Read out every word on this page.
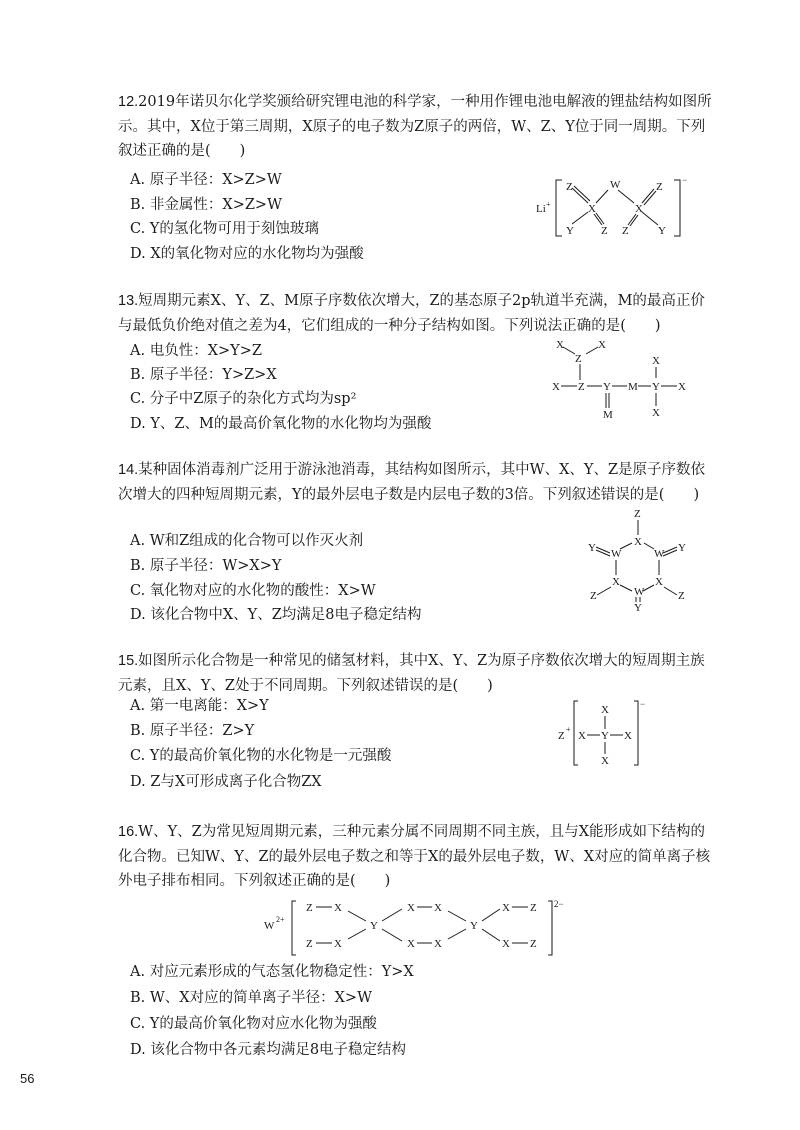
12.2019年诺贝尔化学奖颁给研究锂电池的科学家，一种用作锂电池电解液的锂盐结构如图所示。其中，X位于第三周期，X原子的电子数为Z原子的两倍，W、Z、Y位于同一周期。下列叙述正确的是(　　)

A. 原子半径：X>Z>W
B. 非金属性：X>Z>W
C. Y的氢化物可用于刻蚀玻璃
D. X的氧化物对应的水化物均为强酸
Li +
−
Z	W	Z
X	X
Y Z Z	Y

13.短周期元素X、Y、Z、M原子序数依次增大，Z的基态原子2p轨道半充满，M的最高正价与最低负价绝对值之差为4，它们组成的一种分子结构如图。下列说法正确的是(　　)

A. 电负性：X>Y>Z
B. 原子半径：Y>Z>X
C. 分子中Z原子的杂化方式均为sp²
D. Y、Z、M的最高价氧化物的水化物均为强酸
X
Z
X
X
X Z Y M Y X
M	X

14.某种固体消毒剂广泛用于游泳池消毒，其结构如图所示，其中W、X、Y、Z是原子序数依次增大的四种短周期元素，Y的最外层电子数是内层电子数的3倍。下列叙述错误的是(　　)

A. W和Z组成的化合物可以作灭火剂
B. 原子半径：W>X>Y
C. 氧化物对应的水化物的酸性：X>W
D. 该化合物中X、Y、Z均满足8电子稳定结构
Z
X
Y W	W Y
X	X
Z	W	Z
Y

15.如图所示化合物是一种常见的储氢材料，其中X、Y、Z为原子序数依次增大的短周期主族元素，且X、Y、Z处于不同周期。下列叙述错误的是(　　)

A. 第一电离能：X>Y
B. 原子半径：Z>Y
C. Y的最高价氧化物的水化物是一元强酸
D. Z与X可形成离子化合物ZX
Z
+
−
X
X Y X
X

16.W、Y、Z为常见短周期元素，三种元素分属不同周期不同主族，且与X能形成如下结构的化合物。已知W、Y、Z的最外层电子数之和等于X的最外层电子数，W、X对应的简单离子核外电子排布相同。下列叙述正确的是(　　)

W
2+
2−
Z X
Z X
Y
X X
X X
Y
X Z
X Z
A. 对应元素形成的气态氢化物稳定性：Y>X
B. W、X对应的简单离子半径：X>W
C. Y的最高价氧化物对应水化物为强酸
D. 该化合物中各元素均满足8电子稳定结构
56
